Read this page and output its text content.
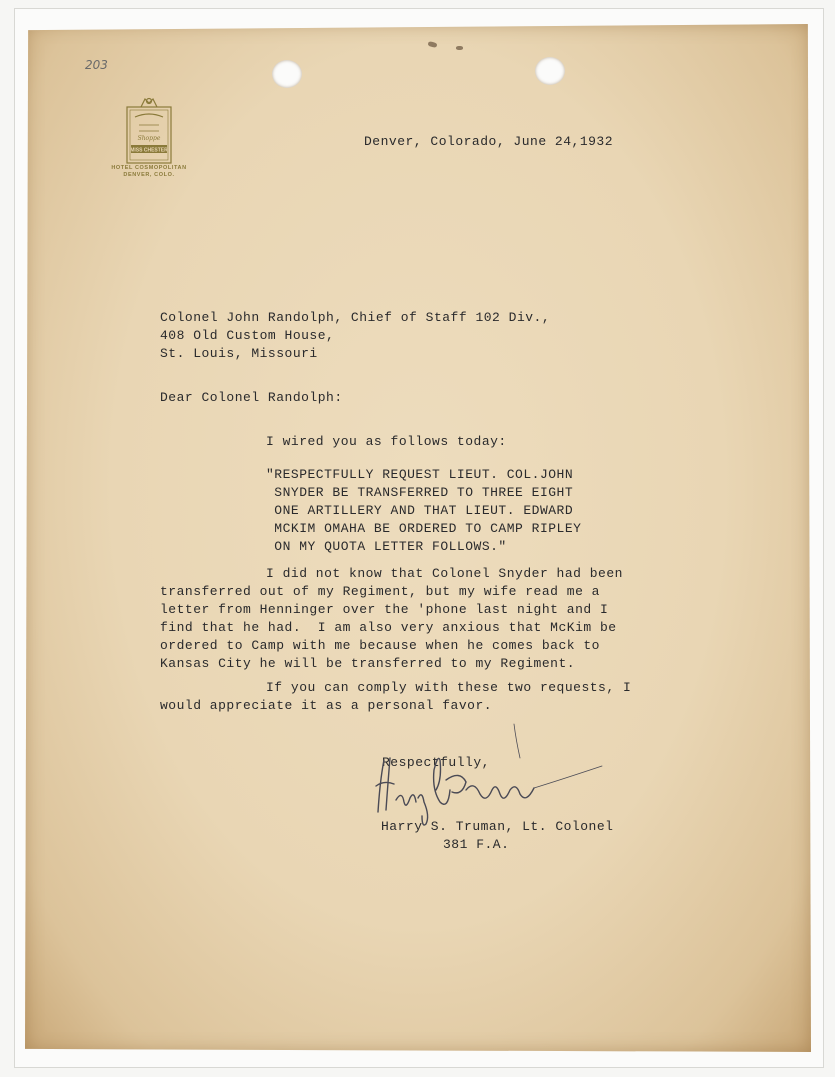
203
Shoppe
MISS CHESTER
HOTEL COSMOPOLITAN
DENVER, COLO.
Denver, Colorado, June 24,1932
Colonel John Randolph, Chief of Staff 102 Div.,
408 Old Custom House,
St. Louis, Missouri
Dear Colonel Randolph:
I wired you as follows today:
"RESPECTFULLY REQUEST LIEUT. COL.JOHN
SNYDER BE TRANSFERRED TO THREE EIGHT
ONE ARTILLERY AND THAT LIEUT. EDWARD
MCKIM OMAHA BE ORDERED TO CAMP RIPLEY
ON MY QUOTA LETTER FOLLOWS."
I did not know that Colonel Snyder had been
transferred out of my Regiment, but my wife read me a
letter from Henninger over the 'phone last night and I
find that he had.  I am also very anxious that McKim be
ordered to Camp with me because when he comes back to
Kansas City he will be transferred to my Regiment.
If you can comply with these two requests, I
would appreciate it as a personal favor.
Respectfully,
Harry S. Truman, Lt. Colonel
381 F.A.
